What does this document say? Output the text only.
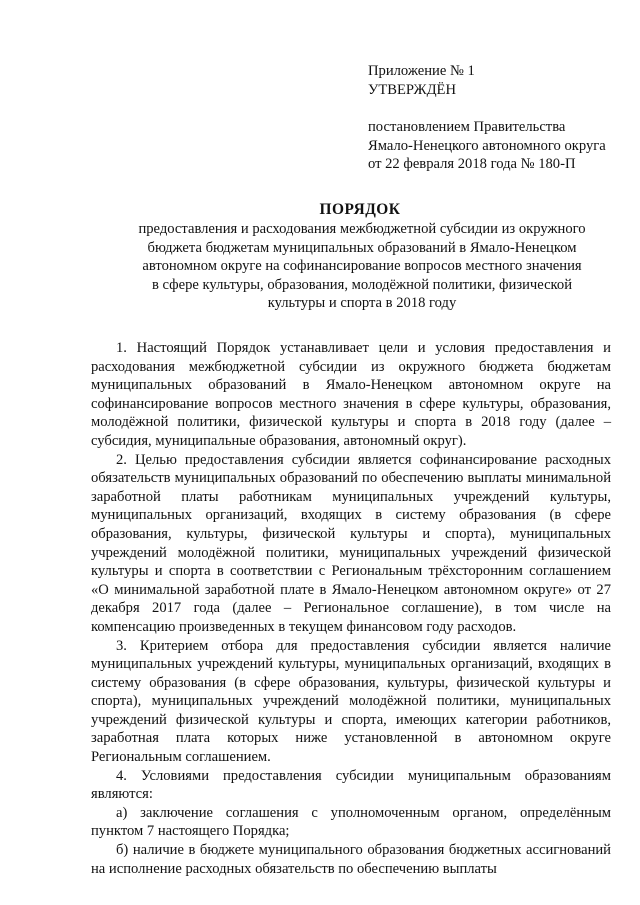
Приложение № 1
УТВЕРЖДЁН
постановлением Правительства
Ямало-Ненецкого автономного округа
от 22 февраля 2018 года № 180-П
ПОРЯДОК
предоставления и расходования межбюджетной субсидии из окружного
бюджета бюджетам муниципальных образований в Ямало-Ненецком
автономном округе на софинансирование вопросов местного значения
в сфере культуры, образования, молодёжной политики, физической
культуры и спорта в 2018 году

1. Настоящий Порядок устанавливает цели и условия предоставления и расходования межбюджетной субсидии из окружного бюджета бюджетам муниципальных образований в Ямало-Ненецком автономном округе на софинансирование вопросов местного значения в сфере культуры, образования, молодёжной политики, физической культуры и спорта в 2018 году (далее – субсидия, муниципальные образования, автономный округ).

2. Целью предоставления субсидии является софинансирование расходных обязательств муниципальных образований по обеспечению выплаты минимальной заработной платы работникам муниципальных учреждений культуры, муниципальных организаций, входящих в систему образования (в сфере образования, культуры, физической культуры и спорта), муниципальных учреждений молодёжной политики, муниципальных учреждений физической культуры и спорта в соответствии с Региональным трёхсторонним соглашением «О минимальной заработной плате в Ямало-Ненецком автономном округе» от 27 декабря 2017 года (далее – Региональное соглашение), в том числе на компенсацию произведенных в текущем финансовом году расходов.

3. Критерием отбора для предоставления субсидии является наличие муниципальных учреждений культуры, муниципальных организаций, входящих в систему образования (в сфере образования, культуры, физической культуры и спорта), муниципальных учреждений молодёжной политики, муниципальных учреждений физической культуры и спорта, имеющих категории работников, заработная плата которых ниже установленной в автономном округе Региональным соглашением.

4. Условиями предоставления субсидии муниципальным образованиям являются:

а) заключение соглашения с уполномоченным органом, определённым пунктом 7 настоящего Порядка;

б) наличие в бюджете муниципального образования бюджетных ассигнований на исполнение расходных обязательств по обеспечению выплаты
